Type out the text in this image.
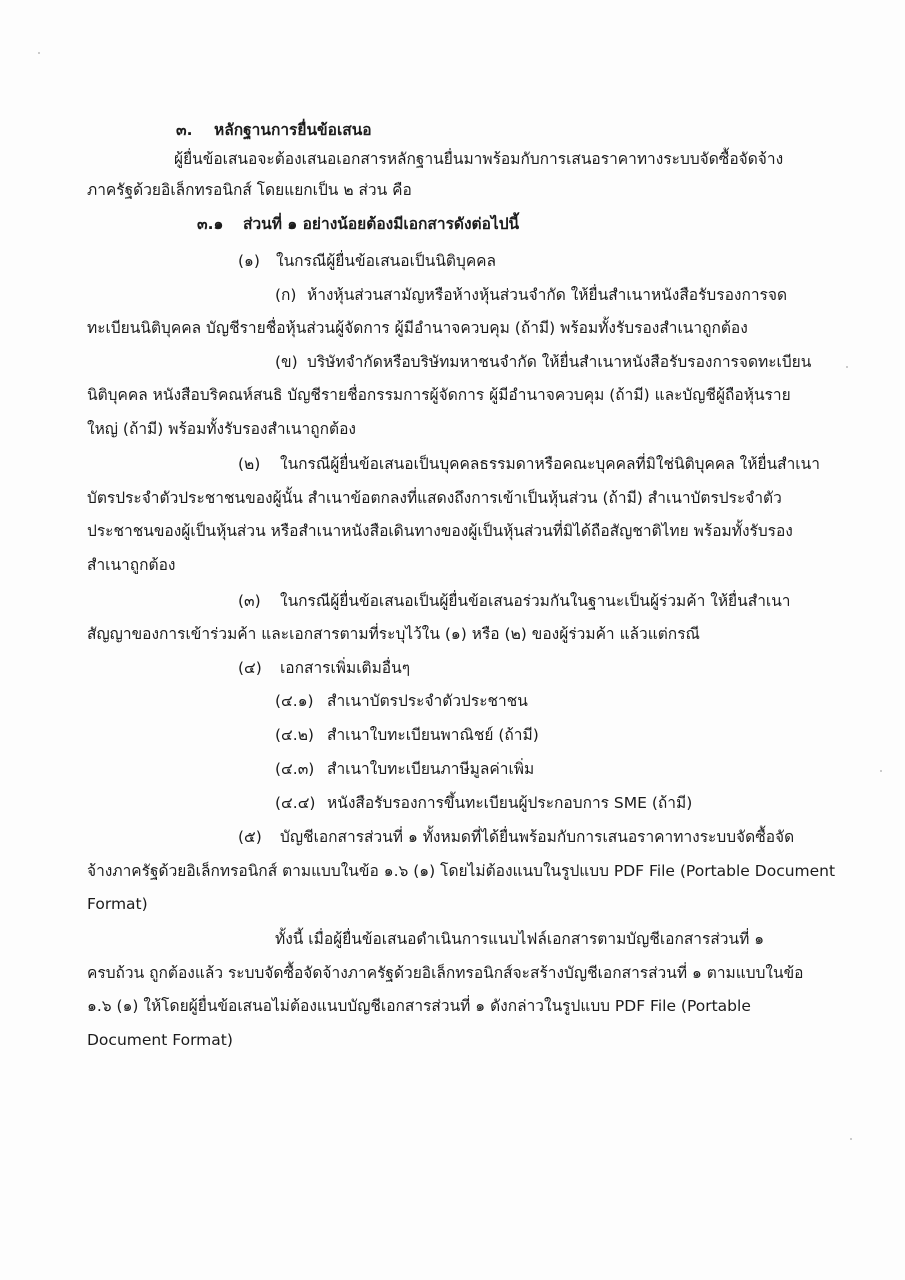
๓. หลักฐานการยื่นข้อเสนอ
ผู้ยื่นข้อเสนอจะต้องเสนอเอกสารหลักฐานยื่นมาพร้อมกับการเสนอราคาทางระบบจัดซื้อจัดจ้าง
ภาครัฐด้วยอิเล็กทรอนิกส์ โดยแยกเป็น ๒ ส่วน คือ
๓.๑ ส่วนที่ ๑ อย่างน้อยต้องมีเอกสารดังต่อไปนี้
(๑) ในกรณีผู้ยื่นข้อเสนอเป็นนิติบุคคล
(ก) ห้างหุ้นส่วนสามัญหรือห้างหุ้นส่วนจำกัด ให้ยื่นสำเนาหนังสือรับรองการจด
ทะเบียนนิติบุคคล บัญชีรายชื่อหุ้นส่วนผู้จัดการ ผู้มีอำนาจควบคุม (ถ้ามี) พร้อมทั้งรับรองสำเนาถูกต้อง
(ข) บริษัทจำกัดหรือบริษัทมหาชนจำกัด ให้ยื่นสำเนาหนังสือรับรองการจดทะเบียน
นิติบุคคล หนังสือบริคณห์สนธิ บัญชีรายชื่อกรรมการผู้จัดการ ผู้มีอำนาจควบคุม (ถ้ามี) และบัญชีผู้ถือหุ้นราย
ใหญ่ (ถ้ามี) พร้อมทั้งรับรองสำเนาถูกต้อง
(๒) ในกรณีผู้ยื่นข้อเสนอเป็นบุคคลธรรมดาหรือคณะบุคคลที่มิใช่นิติบุคคล ให้ยื่นสำเนา
บัตรประจำตัวประชาชนของผู้นั้น สำเนาข้อตกลงที่แสดงถึงการเข้าเป็นหุ้นส่วน (ถ้ามี) สำเนาบัตรประจำตัว
ประชาชนของผู้เป็นหุ้นส่วน หรือสำเนาหนังสือเดินทางของผู้เป็นหุ้นส่วนที่มิได้ถือสัญชาติไทย พร้อมทั้งรับรอง
สำเนาถูกต้อง
(๓) ในกรณีผู้ยื่นข้อเสนอเป็นผู้ยื่นข้อเสนอร่วมกันในฐานะเป็นผู้ร่วมค้า ให้ยื่นสำเนา
สัญญาของการเข้าร่วมค้า และเอกสารตามที่ระบุไว้ใน (๑) หรือ (๒) ของผู้ร่วมค้า แล้วแต่กรณี
(๔) เอกสารเพิ่มเติมอื่นๆ
(๔.๑) สำเนาบัตรประจำตัวประชาชน
(๔.๒) สำเนาใบทะเบียนพาณิชย์ (ถ้ามี)
(๔.๓) สำเนาใบทะเบียนภาษีมูลค่าเพิ่ม
(๔.๔) หนังสือรับรองการขึ้นทะเบียนผู้ประกอบการ SME (ถ้ามี)
(๕) บัญชีเอกสารส่วนที่ ๑ ทั้งหมดที่ได้ยื่นพร้อมกับการเสนอราคาทางระบบจัดซื้อจัด
จ้างภาครัฐด้วยอิเล็กทรอนิกส์ ตามแบบในข้อ ๑.๖ (๑) โดยไม่ต้องแนบในรูปแบบ PDF File (Portable Document
Format)
ทั้งนี้ เมื่อผู้ยื่นข้อเสนอดำเนินการแนบไฟล์เอกสารตามบัญชีเอกสารส่วนที่ ๑
ครบถ้วน ถูกต้องแล้ว ระบบจัดซื้อจัดจ้างภาครัฐด้วยอิเล็กทรอนิกส์จะสร้างบัญชีเอกสารส่วนที่ ๑ ตามแบบในข้อ
๑.๖ (๑) ให้โดยผู้ยื่นข้อเสนอไม่ต้องแนบบัญชีเอกสารส่วนที่ ๑ ดังกล่าวในรูปแบบ PDF File (Portable
Document Format)
